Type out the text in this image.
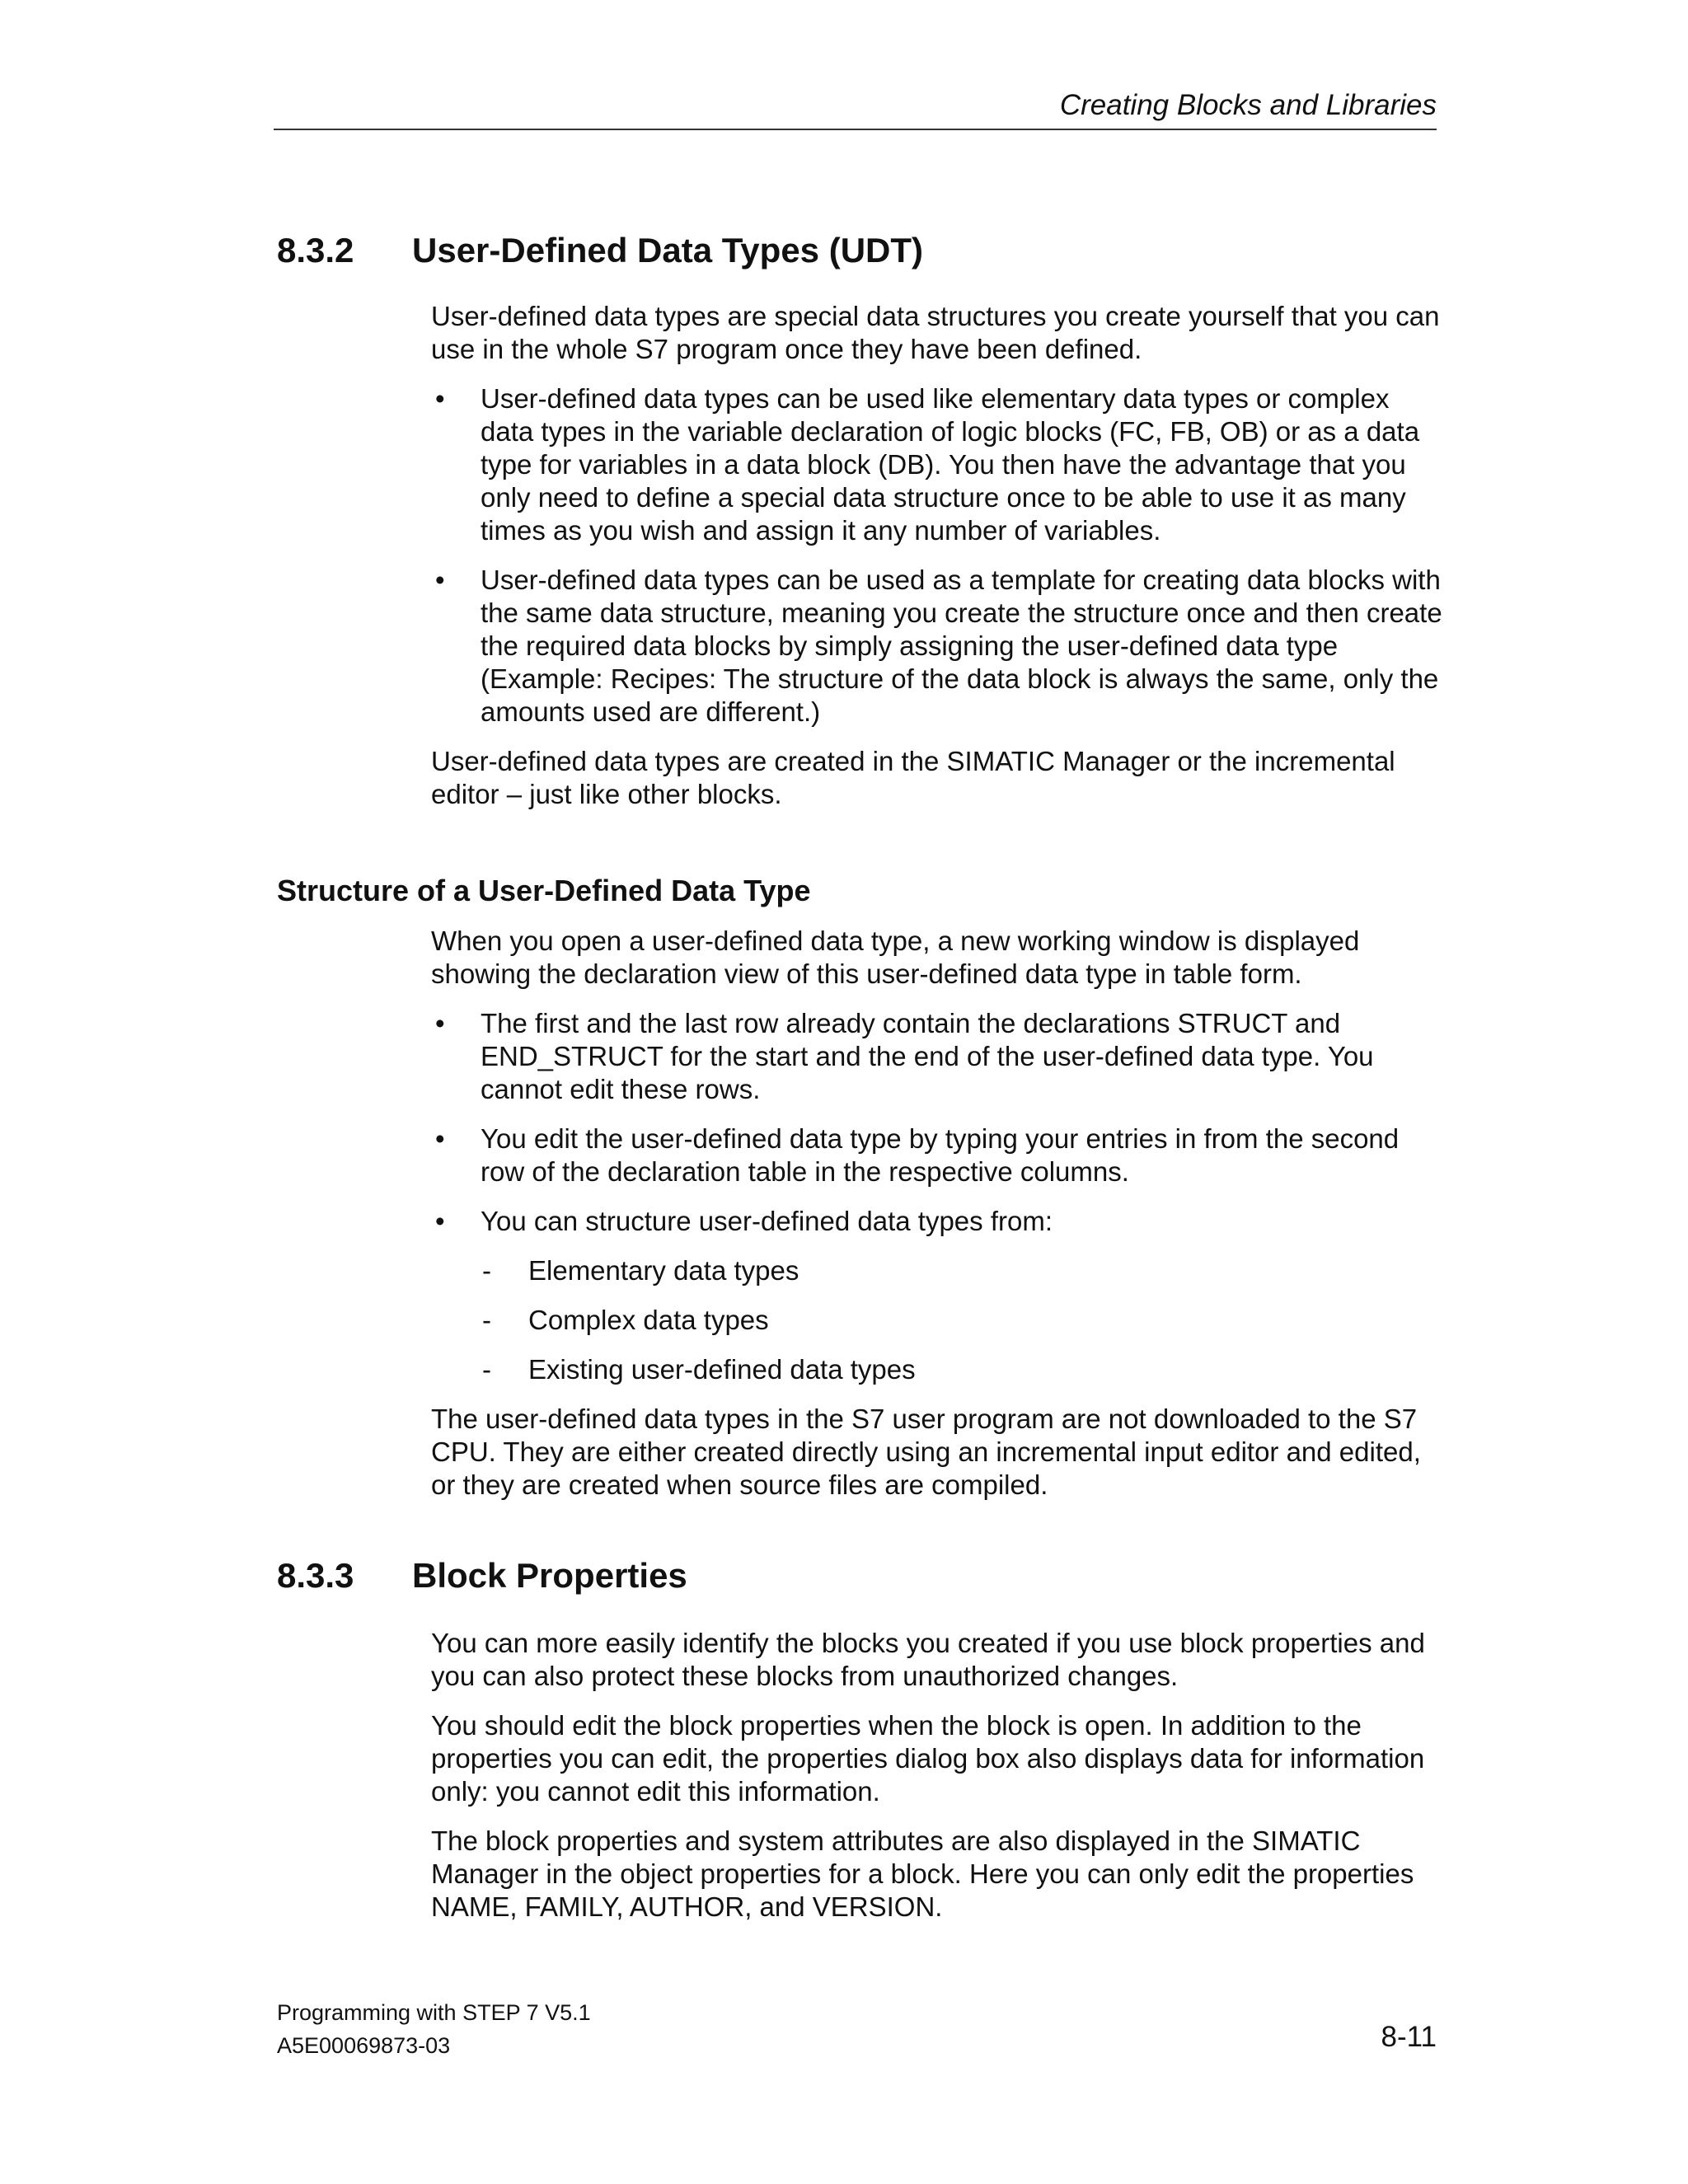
Creating Blocks and Libraries
8.3.2 User-Defined Data Types (UDT)

User-defined data types are special data structures you create yourself that you can use in the whole S7 program once they have been defined.

• User-defined data types can be used like elementary data types or complex data types in the variable declaration of logic blocks (FC, FB, OB) or as a data type for variables in a data block (DB). You then have the advantage that you only need to define a special data structure once to be able to use it as many times as you wish and assign it any number of variables.
• User-defined data types can be used as a template for creating data blocks with the same data structure, meaning you create the structure once and then create the required data blocks by simply assigning the user-defined data type (Example: Recipes: The structure of the data block is always the same, only the amounts used are different.)

User-defined data types are created in the SIMATIC Manager or the incremental editor – just like other blocks.

Structure of a User-Defined Data Type

When you open a user-defined data type, a new working window is displayed showing the declaration view of this user-defined data type in table form.

• The first and the last row already contain the declarations STRUCT and END_STRUCT for the start and the end of the user-defined data type. You cannot edit these rows.
• You edit the user-defined data type by typing your entries in from the second row of the declaration table in the respective columns.
• You can structure user-defined data types from:
- Elementary data types
- Complex data types
- Existing user-defined data types

The user-defined data types in the S7 user program are not downloaded to the S7 CPU. They are either created directly using an incremental input editor and edited, or they are created when source files are compiled.

8.3.3 Block Properties

You can more easily identify the blocks you created if you use block properties and you can also protect these blocks from unauthorized changes.

You should edit the block properties when the block is open. In addition to the properties you can edit, the properties dialog box also displays data for information only: you cannot edit this information.

The block properties and system attributes are also displayed in the SIMATIC Manager in the object properties for a block. Here you can only edit the properties NAME, FAMILY, AUTHOR, and VERSION.

Programming with STEP 7 V5.1
A5E00069873-03	8-11
